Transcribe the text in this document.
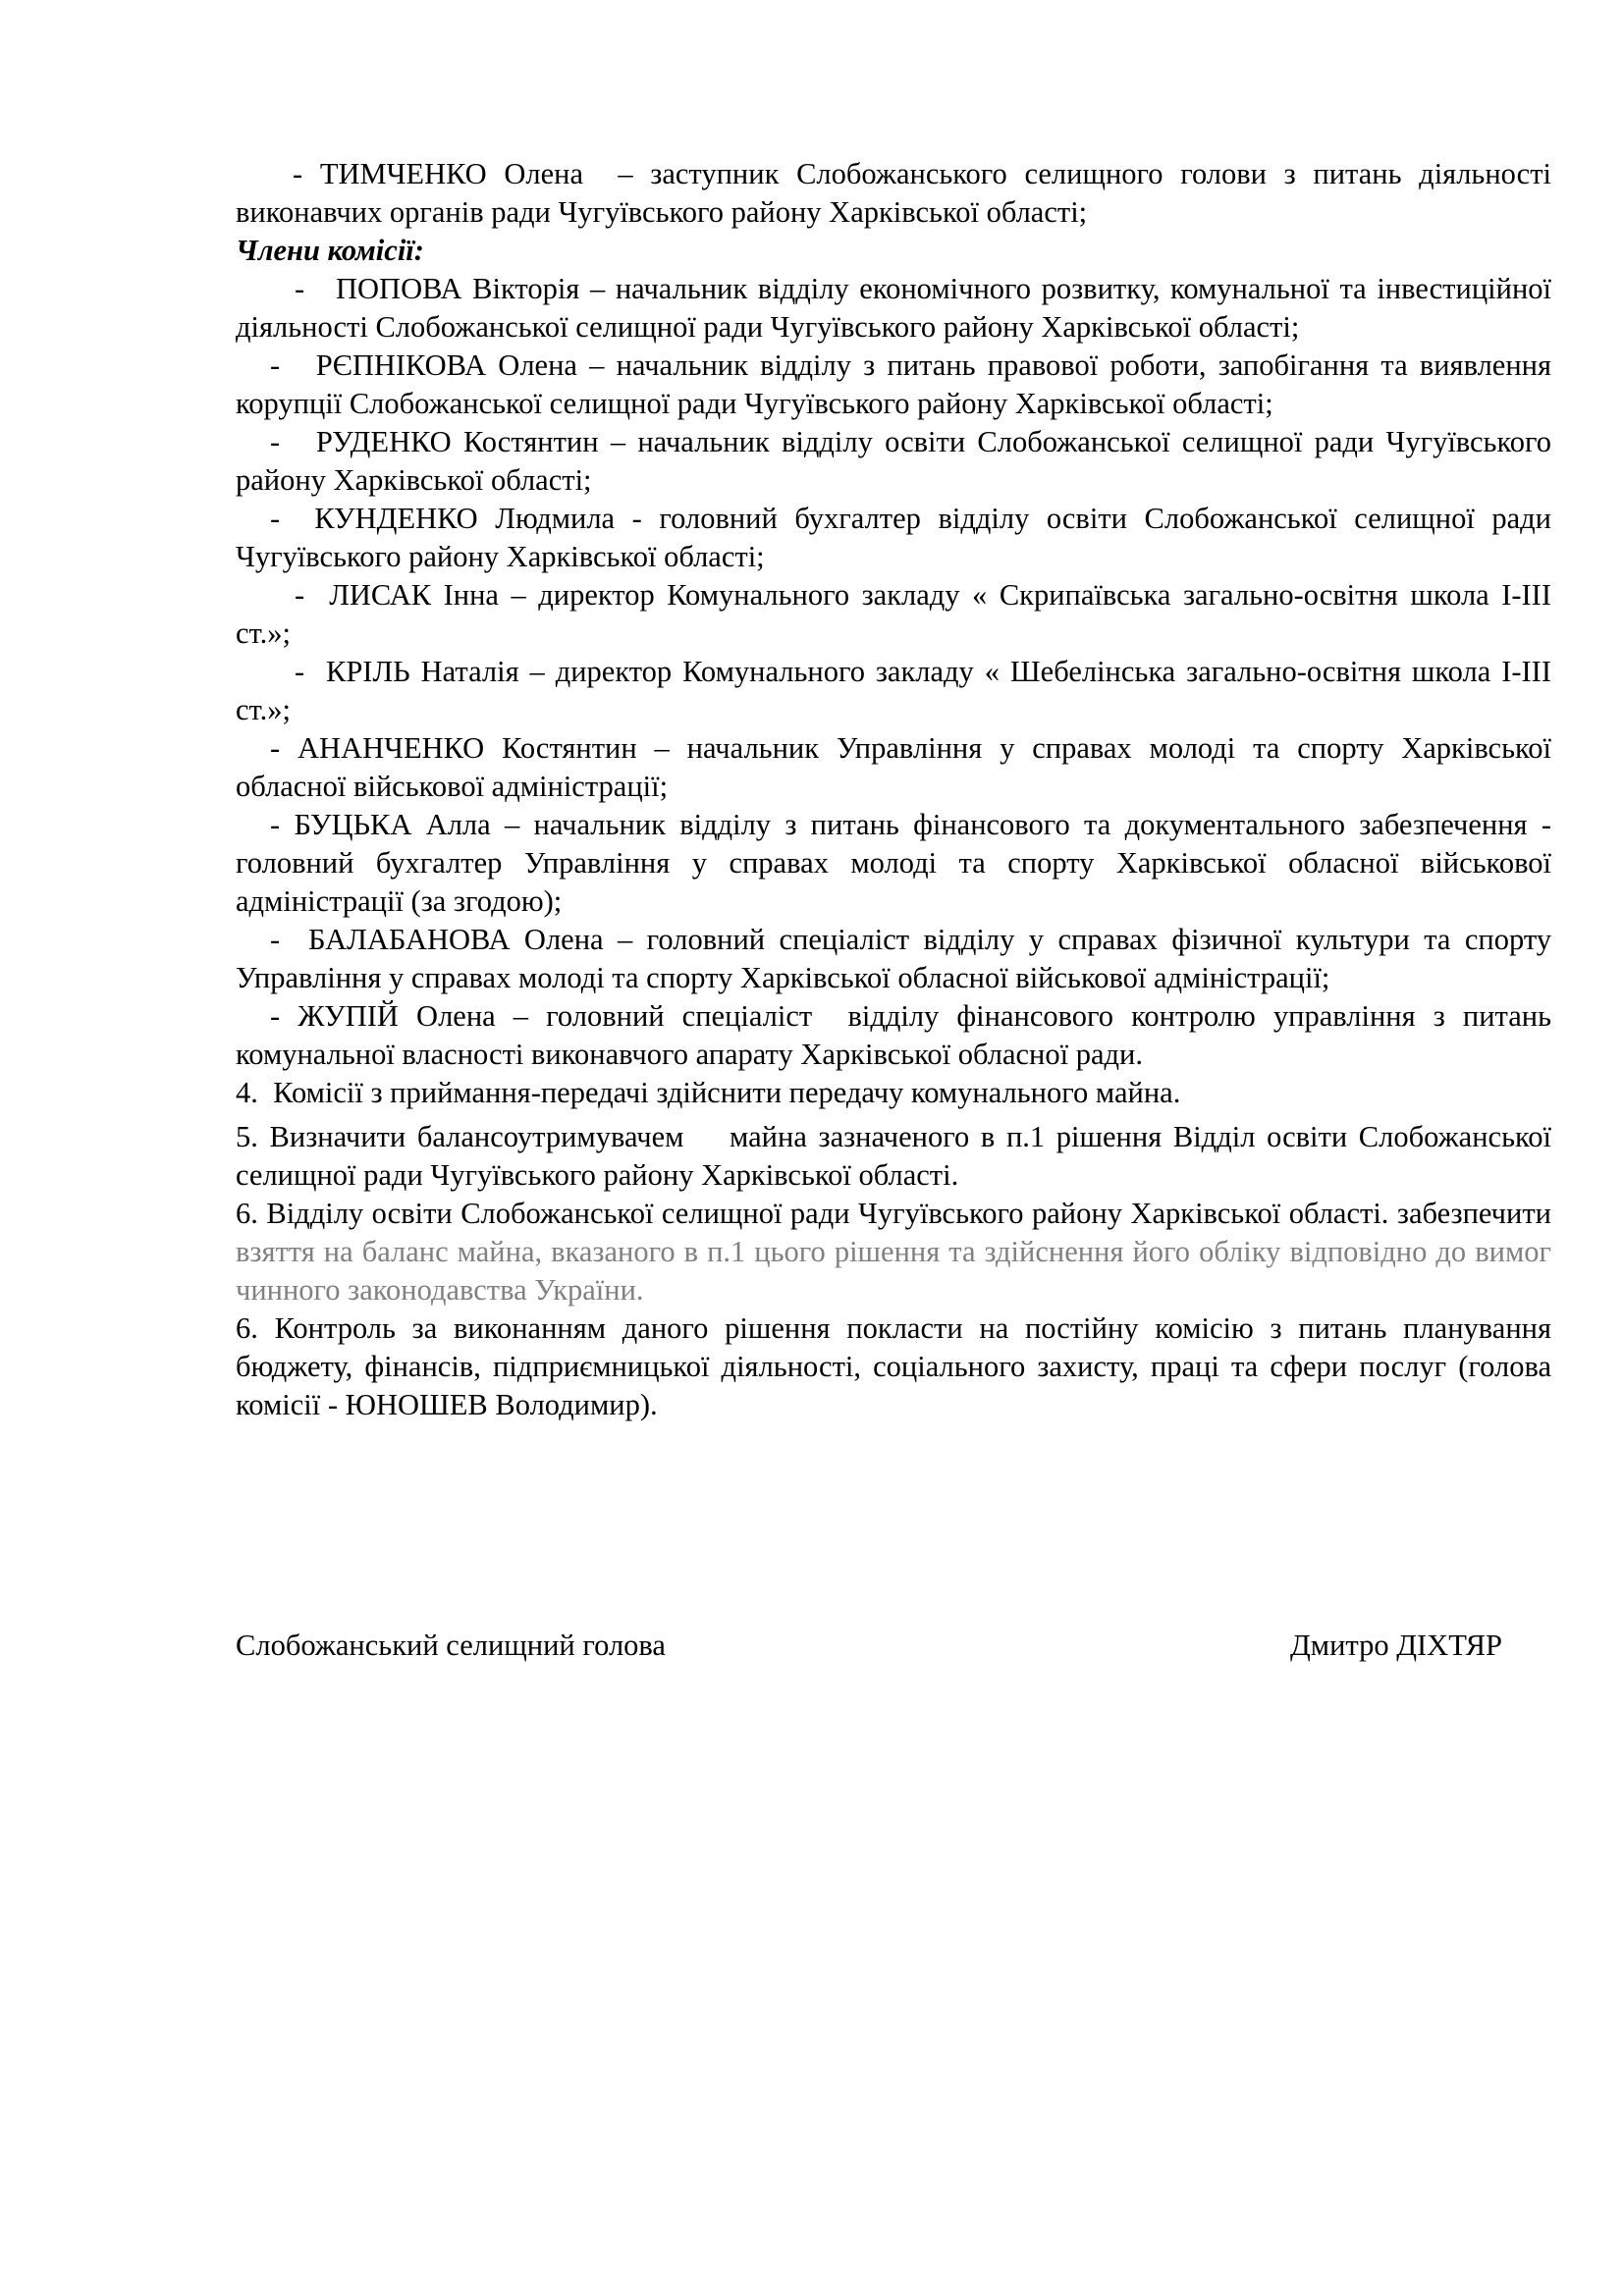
- ТИМЧЕНКО Олена  – заступник Слобожанського селищного голови з питань діяльності виконавчих органів ради Чугуївського району Харківської області;

Члени комісії:

-   ПОПОВА Вікторія – начальник відділу економічного розвитку, комунальної та інвестиційної діяльності Слобожанської селищної ради Чугуївського району Харківської області;

-   РЄПНІКОВА Олена – начальник відділу з питань правової роботи, запобігання та виявлення корупції Слобожанської селищної ради Чугуївського району Харківської області;

-   РУДЕНКО Костянтин – начальник відділу освіти Слобожанської селищної ради Чугуївського району Харківської області;

-  КУНДЕНКО Людмила - головний бухгалтер відділу освіти Слобожанської селищної ради Чугуївського району Харківської області;

-  ЛИСАК Інна – директор Комунального закладу « Скрипаївська загально-освітня школа І-ІІІ ст.»;

-  КРІЛЬ Наталія – директор Комунального закладу « Шебелінська загально-освітня школа І-ІІІ ст.»;

- АНАНЧЕНКО Костянтин – начальник Управління у справах молоді та спорту Харківської обласної військової адміністрації;

- БУЦЬКА Алла – начальник відділу з питань фінансового та документального забезпечення - головний бухгалтер Управління у справах молоді та спорту Харківської обласної військової адміністрації (за згодою);

-  БАЛАБАНОВА Олена – головний спеціаліст відділу у справах фізичної культури та спорту Управління у справах молоді та спорту Харківської обласної військової адміністрації;

- ЖУПІЙ Олена – головний спеціаліст  відділу фінансового контролю управління з питань комунальної власності виконавчого апарату Харківської обласної ради.

4.  Комісії з приймання-передачі здійснити передачу комунального майна.

5. Визначити балансоутримувачем    майна зазначеного в п.1 рішення Відділ освіти Слобожанської селищної ради Чугуївського району Харківської області.

6. Відділу освіти Слобожанської селищної ради Чугуївського району Харківської області. забезпечити взяття на баланс майна, вказаного в п.1 цього рішення та здійснення його обліку відповідно до вимог чинного законодавства України.

6. Контроль за виконанням даного рішення покласти на постійну комісію з питань планування бюджету, фінансів, підприємницької діяльності, соціального захисту, праці та сфери послуг (голова комісії - ЮНОШЕВ Володимир).

Слобожанський селищний голова	Дмитро ДІХТЯР
